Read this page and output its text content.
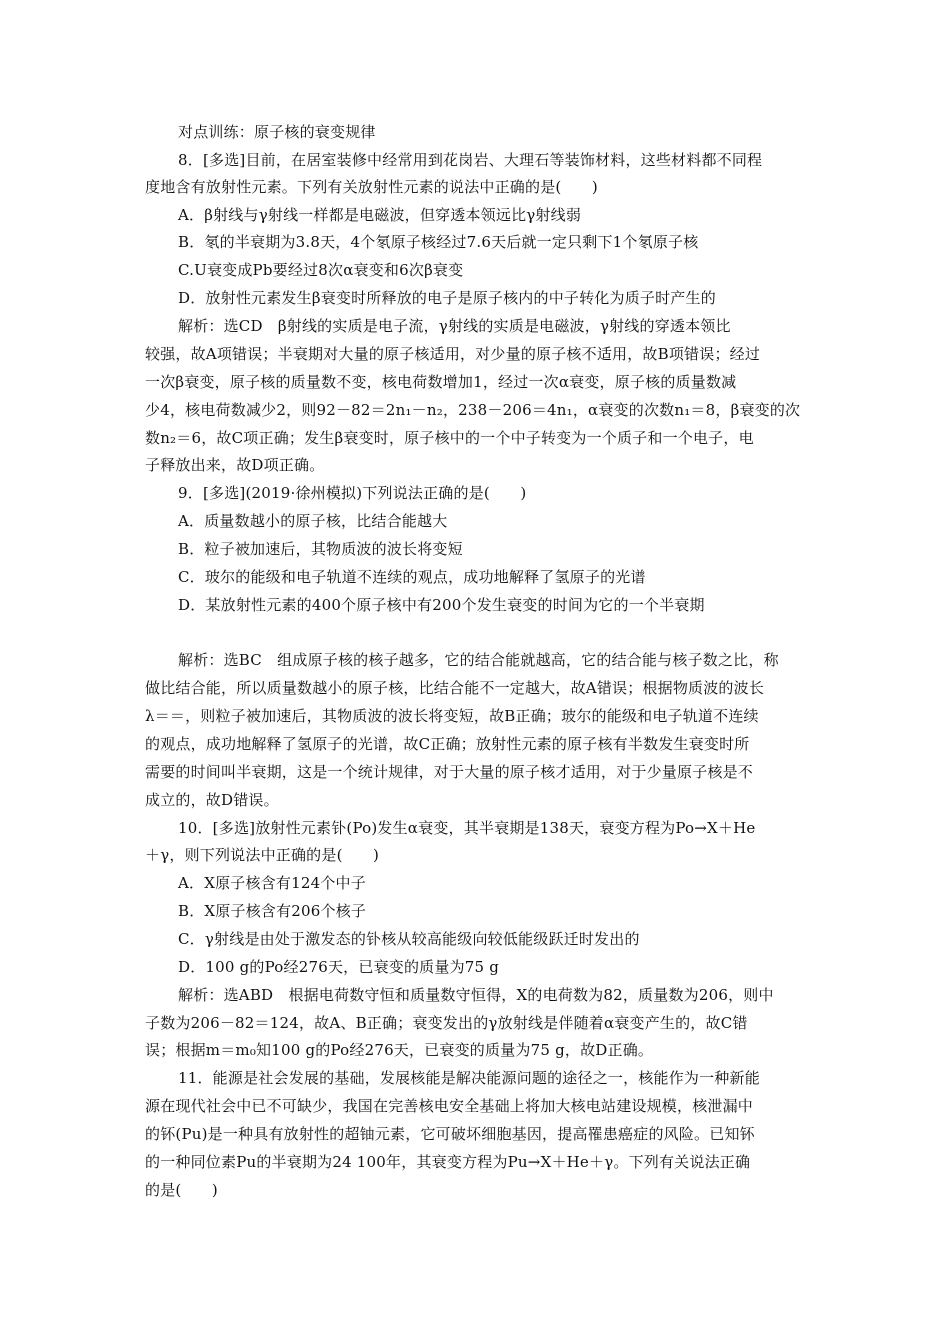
对点训练：原子核的衰变规律
8．[多选]目前，在居室装修中经常用到花岗岩、大理石等装饰材料，这些材料都不同程
度地含有放射性元素。下列有关放射性元素的说法中正确的是(　　)
A．β射线与γ射线一样都是电磁波，但穿透本领远比γ射线弱
B．氡的半衰期为3.8天，4个氡原子核经过7.6天后就一定只剩下1个氡原子核
C.U衰变成Pb要经过8次α衰变和6次β衰变
D．放射性元素发生β衰变时所释放的电子是原子核内的中子转化为质子时产生的
解析：选CD　β射线的实质是电子流，γ射线的实质是电磁波，γ射线的穿透本领比
较强，故A项错误；半衰期对大量的原子核适用，对少量的原子核不适用，故B项错误；经过
一次β衰变，原子核的质量数不变，核电荷数增加1，经过一次α衰变，原子核的质量数减
少4，核电荷数减少2，则92－82＝2n₁－n₂，238－206＝4n₁，α衰变的次数n₁＝8，β衰变的次
数n₂＝6，故C项正确；发生β衰变时，原子核中的一个中子转变为一个质子和一个电子，电
子释放出来，故D项正确。
9．[多选](2019·徐州模拟)下列说法正确的是(　　)
A．质量数越小的原子核，比结合能越大
B．粒子被加速后，其物质波的波长将变短
C．玻尔的能级和电子轨道不连续的观点，成功地解释了氢原子的光谱
D．某放射性元素的400个原子核中有200个发生衰变的时间为它的一个半衰期
解析：选BC　组成原子核的核子越多，它的结合能就越高，它的结合能与核子数之比，称
做比结合能，所以质量数越小的原子核，比结合能不一定越大，故A错误；根据物质波的波长
λ＝＝，则粒子被加速后，其物质波的波长将变短，故B正确；玻尔的能级和电子轨道不连续
的观点，成功地解释了氢原子的光谱，故C正确；放射性元素的原子核有半数发生衰变时所
需要的时间叫半衰期，这是一个统计规律，对于大量的原子核才适用，对于少量原子核是不
成立的，故D错误。
10．[多选]放射性元素钋(Po)发生α衰变，其半衰期是138天，衰变方程为Po→X＋He
＋γ，则下列说法中正确的是(　　)
A．X原子核含有124个中子
B．X原子核含有206个核子
C．γ射线是由处于激发态的钋核从较高能级向较低能级跃迁时发出的
D．100 g的Po经276天，已衰变的质量为75 g
解析：选ABD　根据电荷数守恒和质量数守恒得，X的电荷数为82，质量数为206，则中
子数为206－82＝124，故A、B正确；衰变发出的γ放射线是伴随着α衰变产生的，故C错
误；根据m＝m₀知100 g的Po经276天，已衰变的质量为75 g，故D正确。
11．能源是社会发展的基础，发展核能是解决能源问题的途径之一，核能作为一种新能
源在现代社会中已不可缺少，我国在完善核电安全基础上将加大核电站建设规模，核泄漏中
的钚(Pu)是一种具有放射性的超铀元素，它可破坏细胞基因，提高罹患癌症的风险。已知钚
的一种同位素Pu的半衰期为24 100年，其衰变方程为Pu→X＋He＋γ。下列有关说法正确
的是(　　)
